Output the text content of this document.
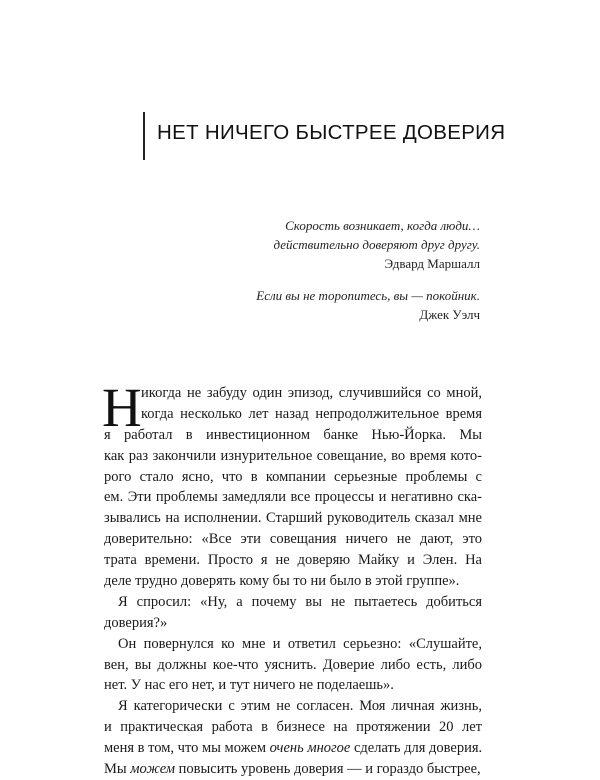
НЕТ НИЧЕГО БЫСТРЕЕ ДОВЕРИЯ
Скорость возникает, когда люди…
действительно доверяют друг другу.
Эдвард Маршалл
Если вы не торопитесь, вы — покойник.
Джек Уэлч
Н икогда не забуду один эпизод, случившийся со мной,
когда несколько лет назад непродолжительное время
я работал в инвестиционном банке Нью-Йорка. Мы
как раз закончили изнурительное совещание, во время кото-
рого стало ясно, что в компании серьезные проблемы с
ем. Эти проблемы замедляли все процессы и негативно ска-
зывались на исполнении. Старший руководитель сказал мне
доверительно: «Все эти совещания ничего не дают, это
трата времени. Просто я не доверяю Майку и Элен. На
деле трудно доверять кому бы то ни было в этой группе».
Я спросил: «Ну, а почему вы не пытаетесь добиться
доверия?»
Он повернулся ко мне и ответил серьезно: «Слушайте,
вен, вы должны кое-что уяснить. Доверие либо есть, либо
нет. У нас его нет, и тут ничего не поделаешь».
Я категорически с этим не согласен. Моя личная жизнь,
и практическая работа в бизнесе на протяжении 20 лет
меня в том, что мы можем очень многое сделать для доверия.
Мы можем повысить уровень доверия — и гораздо быстрее,
